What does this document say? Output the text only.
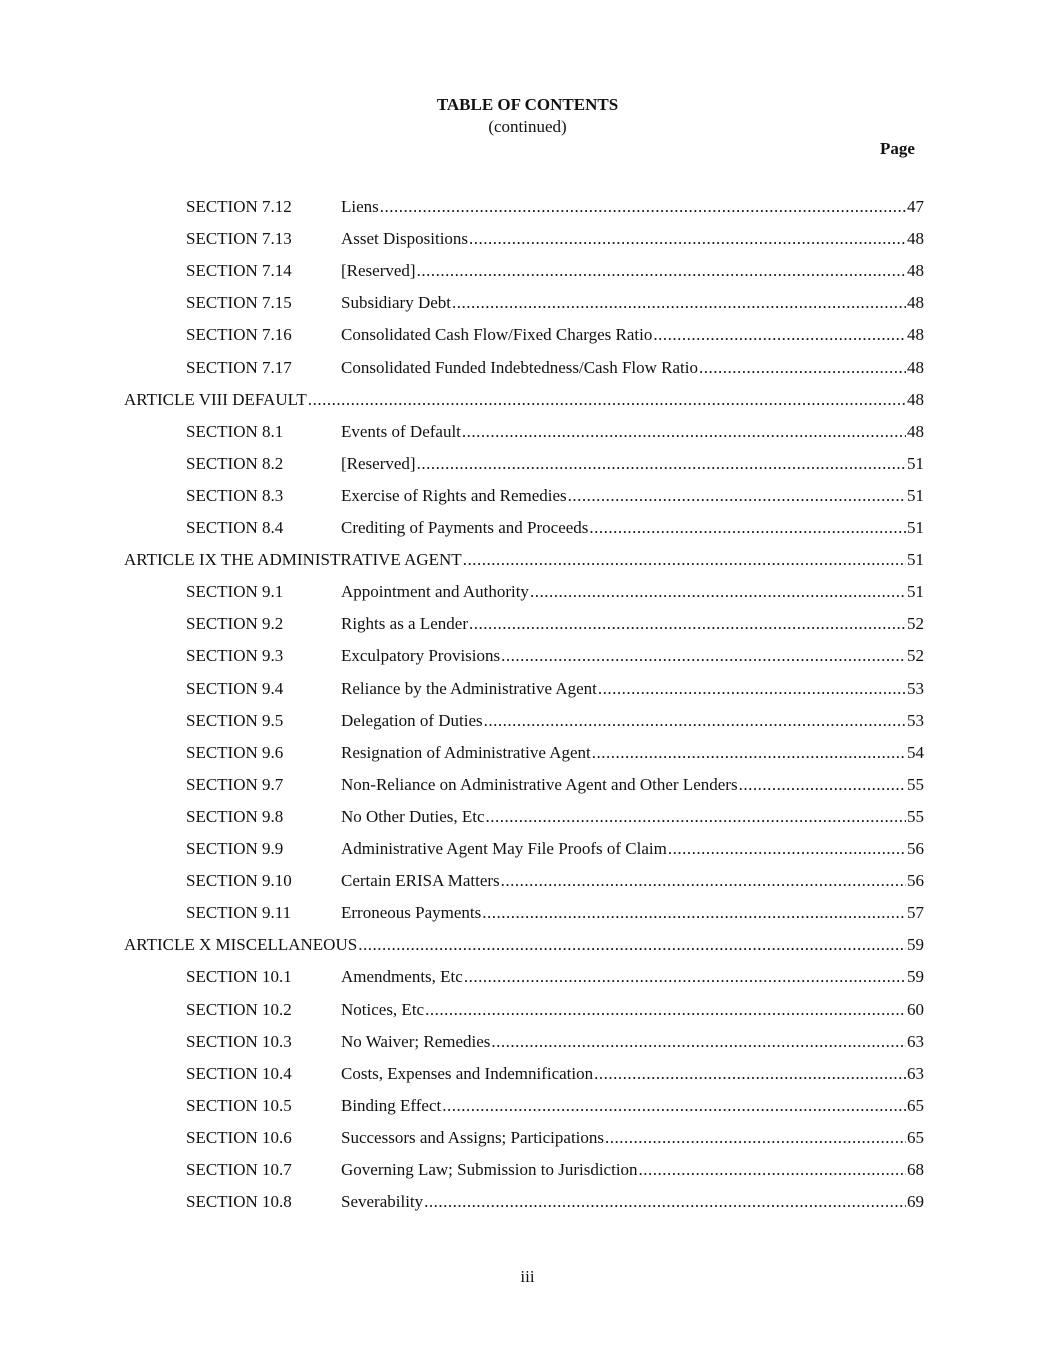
TABLE OF CONTENTS
(continued)
Page
SECTION 7.12	Liens .....	47
SECTION 7.13	Asset Dispositions .....	48
SECTION 7.14	[Reserved] .....	48
SECTION 7.15	Subsidiary Debt .....	48
SECTION 7.16	Consolidated Cash Flow/Fixed Charges Ratio .....	48
SECTION 7.17	Consolidated Funded Indebtedness/Cash Flow Ratio .....	48
ARTICLE VIII DEFAULT .....	48
SECTION 8.1	Events of Default .....	48
SECTION 8.2	[Reserved] .....	51
SECTION 8.3	Exercise of Rights and Remedies .....	51
SECTION 8.4	Crediting of Payments and Proceeds .....	51
ARTICLE IX THE ADMINISTRATIVE AGENT .....	51
SECTION 9.1	Appointment and Authority .....	51
SECTION 9.2	Rights as a Lender .....	52
SECTION 9.3	Exculpatory Provisions .....	52
SECTION 9.4	Reliance by the Administrative Agent .....	53
SECTION 9.5	Delegation of Duties .....	53
SECTION 9.6	Resignation of Administrative Agent .....	54
SECTION 9.7	Non-Reliance on Administrative Agent and Other Lenders .....	55
SECTION 9.8	No Other Duties, Etc .....	55
SECTION 9.9	Administrative Agent May File Proofs of Claim .....	56
SECTION 9.10	Certain ERISA Matters .....	56
SECTION 9.11	Erroneous Payments .....	57
ARTICLE X MISCELLANEOUS .....	59
SECTION 10.1	Amendments, Etc .....	59
SECTION 10.2	Notices, Etc .....	60
SECTION 10.3	No Waiver; Remedies .....	63
SECTION 10.4	Costs, Expenses and Indemnification .....	63
SECTION 10.5	Binding Effect .....	65
SECTION 10.6	Successors and Assigns; Participations .....	65
SECTION 10.7	Governing Law; Submission to Jurisdiction .....	68
SECTION 10.8	Severability .....	69
iii
